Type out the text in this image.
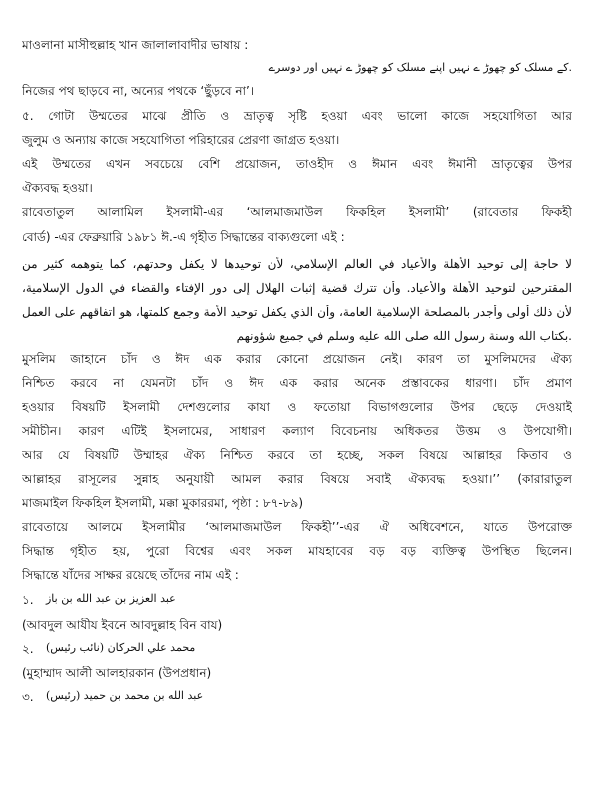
মাওলানা মাসীহুল্লাহ খান জালালাবাদীর ভাষায় :

.کے مسلک کو چھوڑ ے نہیں اپنے مسلک کو چھوڑ ے نہیں اور دوسرے

নিজের পথ ছাড়বে না, অন্যের পথকে ‘ছুঁড়বে না’।

৫. গোটা উম্মতের মাঝে প্রীতি ও ভ্রাতৃত্ব সৃষ্টি হওয়া এবং ভালো কাজে সহযোগিতা আর

জুলুম ও অন্যায় কাজে সহযোগিতা পরিহারের প্রেরণা জাগ্রত হওয়া।

এই উম্মতের এখন সবচেয়ে বেশি প্রয়োজন, তাওহীদ ও ঈমান এবং ঈমানী ভ্রাতৃত্বের উপর

ঐক্যবদ্ধ হওয়া।

রাবেতাতুল আলামিল ইসলামী-এর ‘আলমাজমাউল ফিকহিল ইসলামী’ (রাবেতার ফিকহী

বোর্ড) -এর ফেব্রুয়ারি ১৯৮১ ঈ.-এ গৃহীত সিদ্ধান্তের বাক্যগুলো এই :

لا حاجة إلى توحيد الأهلة والأعياد في العالم الإسلامي، لأن توحيدها لا يكفل وحدتهم، كما يتوهمه كثير من

المقترحين لتوحيد الأهلة والأعياد. وأن تترك قضية إثبات الهلال إلى دور الإفتاء والقضاء في الدول الإسلامية،

لأن ذلك أولى وأجدر بالمصلحة الإسلامية العامة، وأن الذي يكفل توحيد الأمة وجمع كلمتها، هو اتفاقهم على العمل

.بكتاب الله وسنة رسول الله صلى الله عليه وسلم في جميع شؤونهم

মুসলিম জাহানে চাঁদ ও ঈদ এক করার কোনো প্রয়োজন নেই। কারণ তা মুসলিমদের ঐক্য

নিশ্চিত করবে না যেমনটা চাঁদ ও ঈদ এক করার অনেক প্রস্তাবকের ধারণা। চাঁদ প্রমাণ

হওয়ার বিষয়টি ইসলামী দেশগুলোর কাযা ও ফতোয়া বিভাগগুলোর উপর ছেড়ে দেওয়াই

সমীচীন। কারণ এটিই ইসলামের, সাধারণ কল্যাণ বিবেচনায় অধিকতর উত্তম ও উপযোগী।

আর যে বিষয়টি উম্মাহর ঐক্য নিশ্চিত করবে তা হচ্ছে, সকল বিষয়ে আল্লাহর কিতাব ও

আল্লাহর রাসূলের সুন্নাহ অনুযায়ী আমল করার বিষয়ে সবাই ঐক্যবদ্ধ হওয়া।’’ (কারারাতুল

মাজমাইল ফিকহিল ইসলামী, মক্কা মুকাররমা, পৃষ্ঠা : ৮৭-৮৯)

রাবেতায়ে আলমে ইসলামীর ‘আলমাজমাউল ফিকহী’’-এর ঐ অধিবেশনে, যাতে উপরোক্ত

সিদ্ধান্ত গৃহীত হয়, পুরো বিশ্বের এবং সকল মাযহাবের বড় বড় ব্যক্তিত্ব উপস্থিত ছিলেন।

সিদ্ধান্তে যাঁদের সাক্ষর রয়েছে তাঁদের নাম এই :

১. عبد العزيز بن عبد الله بن باز

(আবদুল আযীয ইবনে আবদুল্লাহ বিন বায)

২. محمد علي الحركان (نائب رئيس)

(মুহাম্মাদ আলী আলহারকান (উপপ্রধান)

৩. عبد الله بن محمد بن حميد (رئيس)
